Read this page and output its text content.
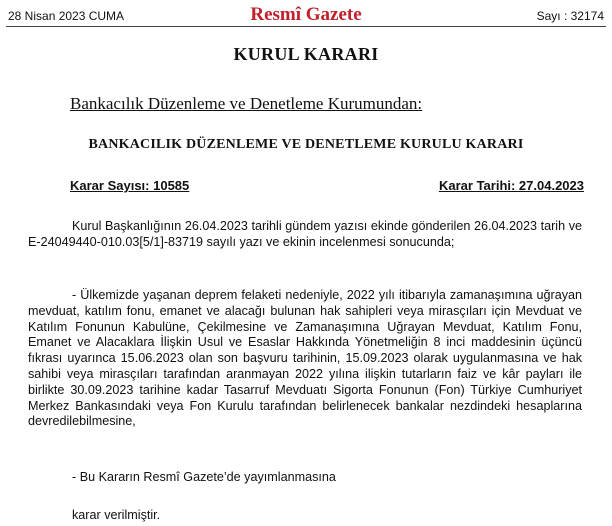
28 Nisan 2023 CUMA	Resmî Gazete	Sayı : 32174
KURUL KARARI
Bankacılık Düzenleme ve Denetleme Kurumundan:
BANKACILIK DÜZENLEME VE DENETLEME KURULU KARARI
Karar Sayısı: 10585	Karar Tarihi: 27.04.2023
Kurul Başkanlığının 26.04.2023 tarihli gündem yazısı ekinde gönderilen 26.04.2023 tarih ve E-24049440-010.03[5/1]-83719 sayılı yazı ve ekinin incelenmesi sonucunda;
- Ülkemizde yaşanan deprem felaketi nedeniyle, 2022 yılı itibarıyla zamanaşımına uğrayan mevduat, katılım fonu, emanet ve alacağı bulunan hak sahipleri veya mirasçıları için Mevduat ve Katılım Fonunun Kabulüne, Çekilmesine ve Zamanaşımına Uğrayan Mevduat, Katılım Fonu, Emanet ve Alacaklara İlişkin Usul ve Esaslar Hakkında Yönetmeliğin 8 inci maddesinin üçüncü fıkrası uyarınca 15.06.2023 olan son başvuru tarihinin, 15.09.2023 olarak uygulanmasına ve hak sahibi veya mirasçıları tarafından aranmayan 2022 yılına ilişkin tutarların faiz ve kâr payları ile birlikte 30.09.2023 tarihine kadar Tasarruf Mevduatı Sigorta Fonunun (Fon) Türkiye Cumhuriyet Merkez Bankasındaki veya Fon Kurulu tarafından belirlenecek bankalar nezdindeki hesaplarına devredilebilmesine,
- Bu Kararın Resmî Gazete’de yayımlanmasına
karar verilmiştir.
